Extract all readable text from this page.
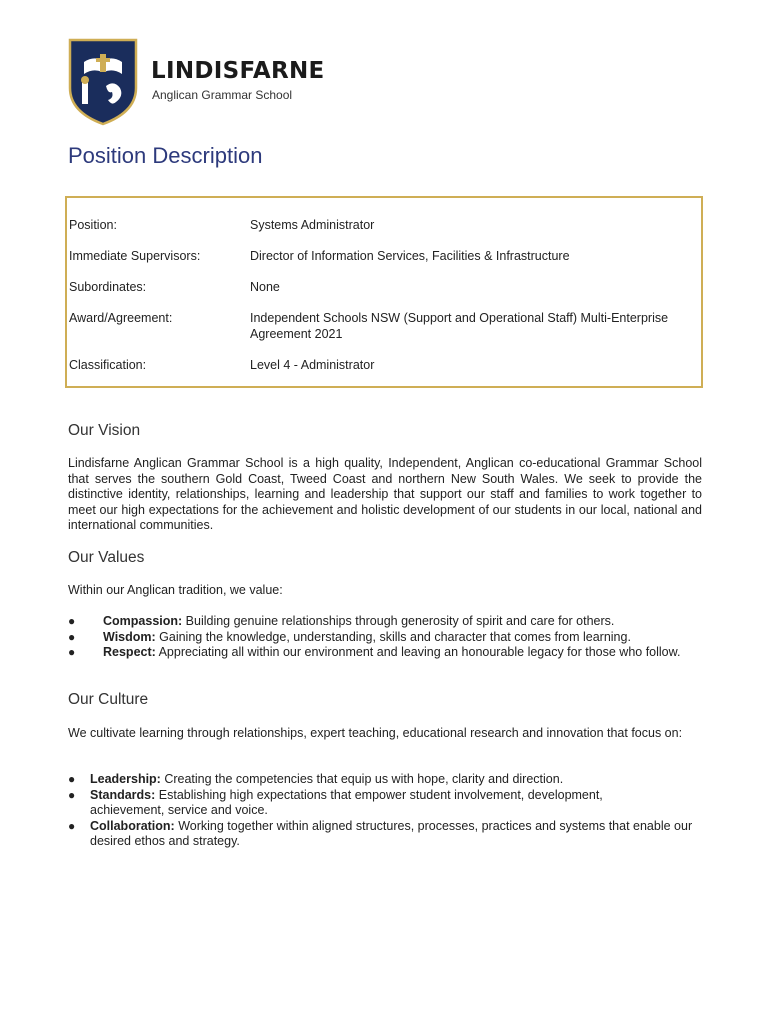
LINDISFARNE
Anglican Grammar School
Position Description
Position:	Systems Administrator
Immediate Supervisors:	Director of Information Services, Facilities & Infrastructure
Subordinates:	None
Award/Agreement:	Independent Schools NSW (Support and Operational Staff) Multi-Enterprise Agreement 2021
Classification:	Level 4 - Administrator
Our Vision

Lindisfarne Anglican Grammar School is a high quality, Independent, Anglican co-educational Grammar School that serves the southern Gold Coast, Tweed Coast and northern New South Wales. We seek to provide the distinctive identity, relationships, learning and leadership that support our staff and families to work together to meet our high expectations for the achievement and holistic development of our students in our local, national and international communities.

Our Values

Within our Anglican tradition, we value:

● Compassion: Building genuine relationships through generosity of spirit and care for others.
● Wisdom: Gaining the knowledge, understanding, skills and character that comes from learning.
● Respect: Appreciating all within our environment and leaving an honourable legacy for those who follow.
Our Culture

We cultivate learning through relationships, expert teaching, educational research and innovation that focus on:

● Leadership: Creating the competencies that equip us with hope, clarity and direction.
● Standards: Establishing high expectations that empower student involvement, development, achievement, service and voice.
● Collaboration: Working together within aligned structures, processes, practices and systems that enable our desired ethos and strategy.
